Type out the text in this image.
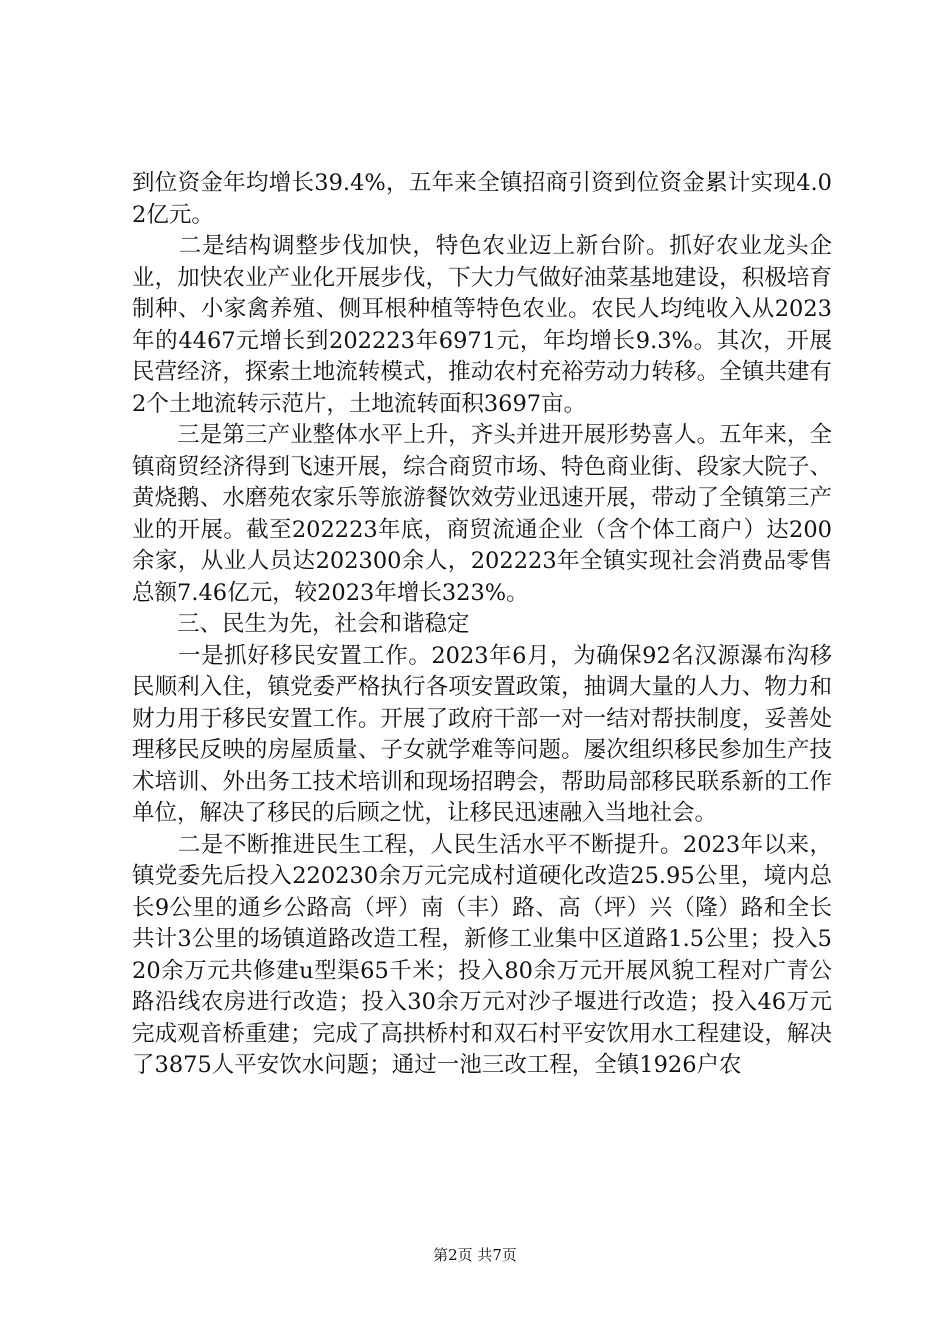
到位资金年均增长39.4%，五年来全镇招商引资到位资金累计实现4.02亿元。

　　二是结构调整步伐加快，特色农业迈上新台阶。抓好农业龙头企业，加快农业产业化开展步伐，下大力气做好油菜基地建设，积极培育制种、小家禽养殖、侧耳根种植等特色农业。农民人均纯收入从2023年的4467元增长到202223年6971元，年均增长9.3%。其次，开展民营经济，探索土地流转模式，推动农村充裕劳动力转移。全镇共建有2个土地流转示范片，土地流转面积3697亩。

　　三是第三产业整体水平上升，齐头并进开展形势喜人。五年来，全镇商贸经济得到飞速开展，综合商贸市场、特色商业街、段家大院子、黄烧鹅、水磨苑农家乐等旅游餐饮效劳业迅速开展，带动了全镇第三产业的开展。截至202223年底，商贸流通企业（含个体工商户）达200余家，从业人员达202300余人，202223年全镇实现社会消费品零售总额7.46亿元，较2023年增长323%。

　　三、民生为先，社会和谐稳定

　　一是抓好移民安置工作。2023年6月，为确保92名汉源瀑布沟移民顺利入住，镇党委严格执行各项安置政策，抽调大量的人力、物力和财力用于移民安置工作。开展了政府干部一对一结对帮扶制度，妥善处理移民反映的房屋质量、子女就学难等问题。屡次组织移民参加生产技术培训、外出务工技术培训和现场招聘会，帮助局部移民联系新的工作单位，解决了移民的后顾之忧，让移民迅速融入当地社会。

　　二是不断推进民生工程，人民生活水平不断提升。2023年以来，镇党委先后投入220230余万元完成村道硬化改造25.95公里，境内总长9公里的通乡公路高（坪）南（丰）路、高（坪）兴（隆）路和全长共计3公里的场镇道路改造工程，新修工业集中区道路1.5公里；投入520余万元共修建u型渠65千米；投入80余万元开展风貌工程对广青公路沿线农房进行改造；投入30余万元对沙子堰进行改造；投入46万元完成观音桥重建；完成了高拱桥村和双石村平安饮用水工程建设，解决了3875人平安饮水问题；通过一池三改工程，全镇1926户农

第2页 共7页
